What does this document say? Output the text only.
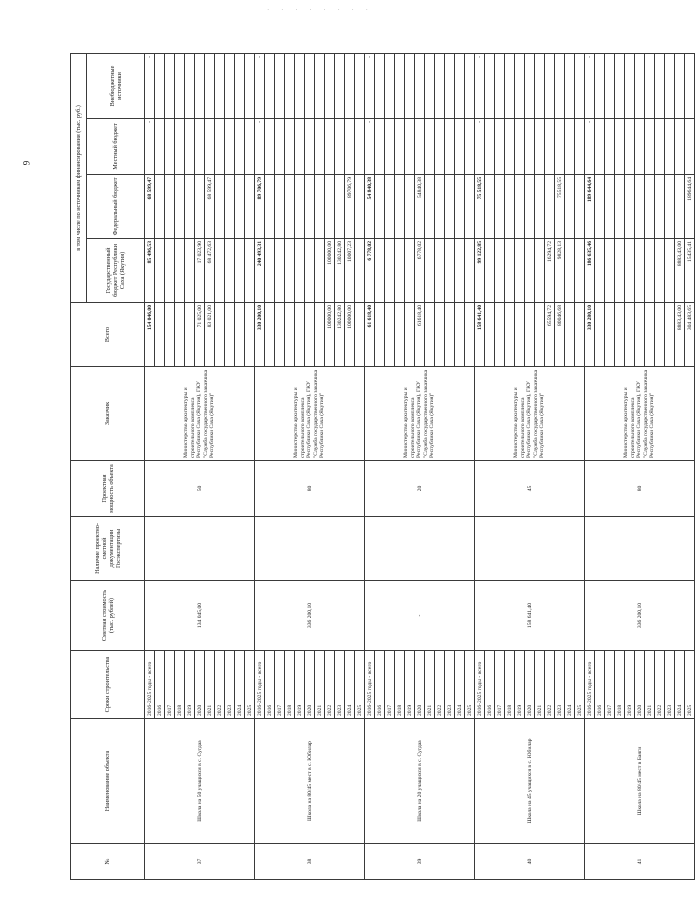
· · · · · · · ·
9
№	Наименование объекта	Сроки строительства	Сметная стоимость (тыс. рублей)	Наличие проектно-сметной документации Госэкспертизы	Проектная мощность объекта	Заказчик	Всего	в том числе по источникам финансирования (тыс. руб.)			
								Государственный бюджет Республики Саха (Якутия)	Федеральный бюджет	Местный бюджет	Внебюджетные источники
37	Школа на 50 учащихся в с. Сугдаа	2016-2025 годы - всего	134 045,00		50	Министерство архитектуры и строительного комплекса Республики Саха (Якутия), ГКУ "Служба государственного заказчика Республики Саха (Якутия)"	154 046,00	85 496,53	68 599,47	-	-
		2016									
		2017									
		2018									
		2019									
		2020					71 025,00	17 023,90			
		2021					83 021,00	68 472,63	68 599,47		
		2022									
		2023									
		2024									
		2025									
38	Школа на 80/45 мест в с. Юбилар	2016-2025 годы - всего	336 200,10		80	Министерство архитектуры и строительного комплекса Республики Саха (Якутия), ГКУ "Служба государственного заказчика Республики Саха (Якутия)"	330 200,10	240 493,31	89 706,79	-	-
		2016									
		2017									
		2018									
		2019									
		2020									
		2021									
		2022					100000,00	100000,00			
		2023					130242,80	130242,80			
		2024					100000,00	10007,23	89706,79		
		2025									
39	Школа на 20 учащихся в с. Сугдаа	2016-2025 годы - всего	-		20	Министерство архитектуры и строительного комплекса Республики Саха (Якутия), ГКУ "Служба государственного заказчика Республики Саха (Якутия)"	61 618,40	6 778,02	54 840,38	-	-
		2016									
		2017									
		2018									
		2019									
		2020					61618,40	6778,02	54840,38		
		2021									
		2022									
		2023									
		2024									
		2025									
40	Школа на 45 учащихся в с. Юбилар	2016-2025 годы - всего	158 641,40		45	Министерство архитектуры и строительного комплекса Республики Саха (Якутия), ГКУ "Служба государственного заказчика Республики Саха (Якутия)"	158 641,40	99 122,85	75 518,55	-	-
		2016									
		2017									
		2018									
		2019									
		2020									
		2021									
		2022					65594,72	16294,72			
		2023					80046,68	9828,13	75518,55		
		2024									
		2025									
41	Школа на 80/45 мест в Баяги	2016-2025 годы - всего	336 200,10		80	Министерство архитектуры и строительного комплекса Республики Саха (Якутия), ГКУ "Служба государственного заказчика Республики Саха (Якутия)"	330 280,10	186 635,46	189 644,64	-	-
		2016									
		2017									
		2018									
		2019									
		2020									
		2021									
		2022									
		2023									
		2024					8883,43,00	8883,43,00			
		2025					304 483,65	15435,41	189644,64		
